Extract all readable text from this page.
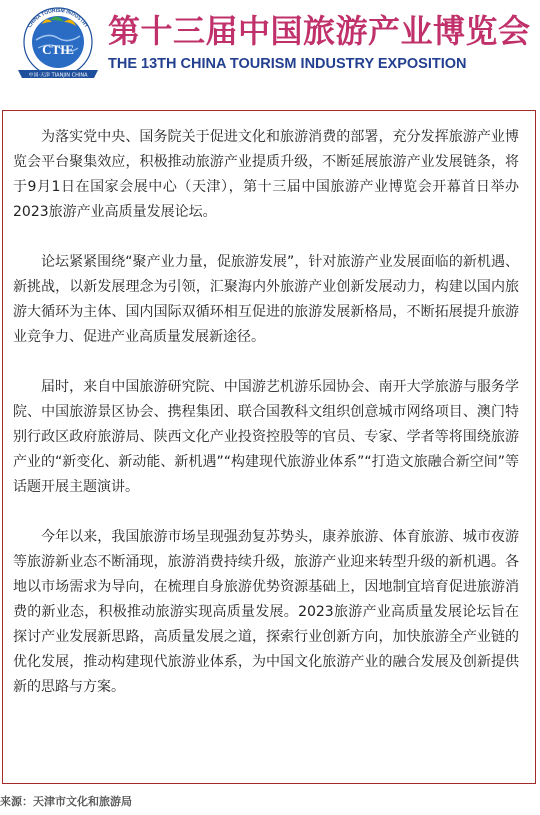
CHINA TOURISM INDUSTRY
CTIE
中国·天津 TIANJIN CHINA
第十三届中国旅游产业博览会
THE 13TH CHINA TOURISM INDUSTRY EXPOSITION

为落实党中央、国务院关于促进文化和旅游消费的部署，充分发挥旅游产业博览会平台聚集效应，积极推动旅游产业提质升级，不断延展旅游产业发展链条，将于9月1日在国家会展中心（天津），第十三届中国旅游产业博览会开幕首日举办2023旅游产业高质量发展论坛。

论坛紧紧围绕“聚产业力量，促旅游发展”，针对旅游产业发展面临的新机遇、新挑战，以新发展理念为引领，汇聚海内外旅游产业创新发展动力，构建以国内旅游大循环为主体、国内国际双循环相互促进的旅游发展新格局，不断拓展提升旅游业竞争力、促进产业高质量发展新途径。

届时，来自中国旅游研究院、中国游艺机游乐园协会、南开大学旅游与服务学院、中国旅游景区协会、携程集团、联合国教科文组织创意城市网络项目、澳门特别行政区政府旅游局、陕西文化产业投资控股等的官员、专家、学者等将围绕旅游产业的“新变化、新动能、新机遇”“构建现代旅游业体系”“打造文旅融合新空间”等话题开展主题演讲。

今年以来，我国旅游市场呈现强劲复苏势头，康养旅游、体育旅游、城市夜游等旅游新业态不断涌现，旅游消费持续升级，旅游产业迎来转型升级的新机遇。各地以市场需求为导向，在梳理自身旅游优势资源基础上，因地制宜培育促进旅游消费的新业态，积极推动旅游实现高质量发展。2023旅游产业高质量发展论坛旨在探讨产业发展新思路，高质量发展之道，探索行业创新方向，加快旅游全产业链的优化发展，推动构建现代旅游业体系，为中国文化旅游产业的融合发展及创新提供新的思路与方案。

来源：天津市文化和旅游局
